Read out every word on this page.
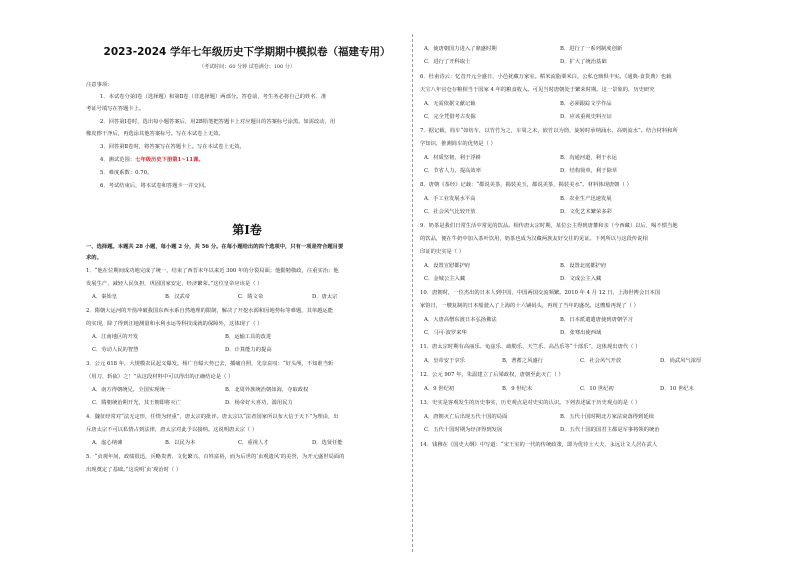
2023-2024 学年七年级历史下学期期中模拟卷（福建专用）
（考试时间：60 分钟 试卷满分：100 分）
注意事项：
1．本试卷分第Ⅰ卷（选择题）和第Ⅱ卷（非选择题）两部分。答卷前，考生务必将自己的姓名、准
考证号填写在答题卡上。
2．回答第Ⅰ卷时，选出每小题答案后，用2B铅笔把答题卡上对应题目的答案标号涂黑。如需改动，用
橡皮擦干净后，再选涂其他答案标号。写在本试卷上无效。
3．回答第Ⅱ卷时，将答案写在答题卡上。写在本试卷上无效。
4．测试范围：七年级历史下册第1~11课。
5．难度系数：0.70。
6．考试结束后，将本试卷和答题卡一并交回。
第Ⅰ卷
一、选择题。本题共 28 小题，每小题 2 分，共 56 分。在每小题给出的四个选项中，只有一项是符合题目要
求的。
1．“他在位期间成功地完成了统一，结束了西晋末年以来近 300 年的分裂局面；他勤勉敬政，注重实治；他
发展生产，减轻人民负担，巩固国家安定，经济繁荣。”这位皇帝应该是（ ）
A．秦始皇	B．汉武帝	C．隋文帝	D．唐太宗
2．隋朝大运河的开凿冲破我国东西水系自然地理的限制，解决了开挖水源和因地势标等难题，其单越运能
的实现，除了得到汪地测量和水利水运等科技成就的保障外，这体现了（ ）
A．江南地区的开发	B．运输工具的改进
C．劳动人民的智慧	D．计算能力的提高
3．公元 618 年，大规模农民起义爆发。杨广自缢大势已去，插痛自照，先奈哀叹：“好头颅，不知谁当斩
（用刀、斩砍）之！”从这段材料中可以得出的正确结论是（ ）
A．南方得朝统兄，全国实现统一	B．北周外族统治朝如海，夺取政权
C．隋朝统治期开光，其王朝即将灭亡	D．杨帝好大喜功，滥用民力
4．魏征经常对“法无定形，任情为轻重”，唐太宗的批评。唐太宗以“法者国家所以布大信于天下”为理由，出
斥唐太宗不可以私情占到法律，唐太宗对此予以接纳。这说明唐太宗（ ）
A．虚心纳谏	B．以民为本	C．重视人才	D．选贤任能
5．“贞观年间，政绩很迅，兵略贵著、文化繁兴、百姓富裕，而为后世的‘贞观遗风’的美誉，为开元盛世局面的
出现奠定了基础。”这说明‘贞’观治时（ ）
A．使唐朝国力进入了鼎盛时期	B．进行了一系列制度创新
C．进行了开科取士	D．扩大了统治基础
6．杜甫诗云：忆昔开元全盛日，小邑犹藏万家室。稻米流脂粟米白，公私仓廪俱丰实。《通典·食货典》也载
天宝八年官仓存粮相当于国家 4 年的粮食收入。可见当时唐朝处于繁荣时期。这一景象的，历史研究
A．无需依据文献记载	B．必须跟踪文学作品
C．完全凭借考古发掘	D．应该重视史料互证
7．据记载，简车“如纺车，以竹竹为之，车周之末，嵌竹以为筒，旋转时承纳涌水，高则流水”。结合材料和所
学知识，推测简车的优势是（ ）
A．材质坚韧，利于浮耕	B．沟通河道，利于水运
C．节省人力，提高效率	D．结构简单，利于除草
8．唐朝《茶经》记载：“都说美茶，揭装美玉，都说美茶，揭装美水”。材料体现唐朝（ ）
A．手工业发展水平高	B．农业生产迅速发展
C．社会风气比较开放	D．文化艺术繁荣多彩
9．奶茶是我们日常生活中常见的饮品。相传唐太宗时期，某位公主得到唐蕃和亲（今西藏）以后，喝不惯当地
的饮品，便在牛奶中加入茶叶饮用，奶茶也成为汉藏两族友好交往的见证。下列所以与这段传说相
印证的史实是（ ）
A．设置宣慰都护府	B．设置北庭都护府
C．金城公主入藏	D．文成公主入藏
10．唐朝时，一位杰出的日本人到中国，中国两国交流频繁。2010 年 4 月 12 日，上海世博会日本国
家馆日，一艘复制的日本船驶入了上海的十六铺码头，再现了当年的盛况。这艘船再现了（ ）
A．大唐高僧东渡日本弘扬佛法	B．日本派遣遣唐使到唐朝学习
C．马可·波罗来华	D．张骞出使西域
11．唐太宗时期有高丽乐、龟兹乐、疏勒乐、天竺乐、高昌乐等“十部乐”，这体现出唐代（ ）
A．皇帝安于享乐	B．著蓄之风盛行	C．社会风气开放	D．尚武风气浓厚
12．公元 907 年，朱温建立了后梁政权，唐朝至此灭亡（ ）
A．9 世纪初	B．9 世纪末	C．10 世纪初	D．10 世纪末
13．史实是客观发生的历史事实，历史观点是对史实的认识。下列表述属于历史观点的是（ ）
A．唐朝灭亡后出现五代十国的局面	B．五代十国时期北方家法衰落得到延续
C．五代十国时期为经济得到发展	D．五代十国的国君主都是军事将领的统治
14．钱穆在《国史大纲》中写道：“宋王室的一代的传统政策，即为优待士大夫，永远让文人居在武人
